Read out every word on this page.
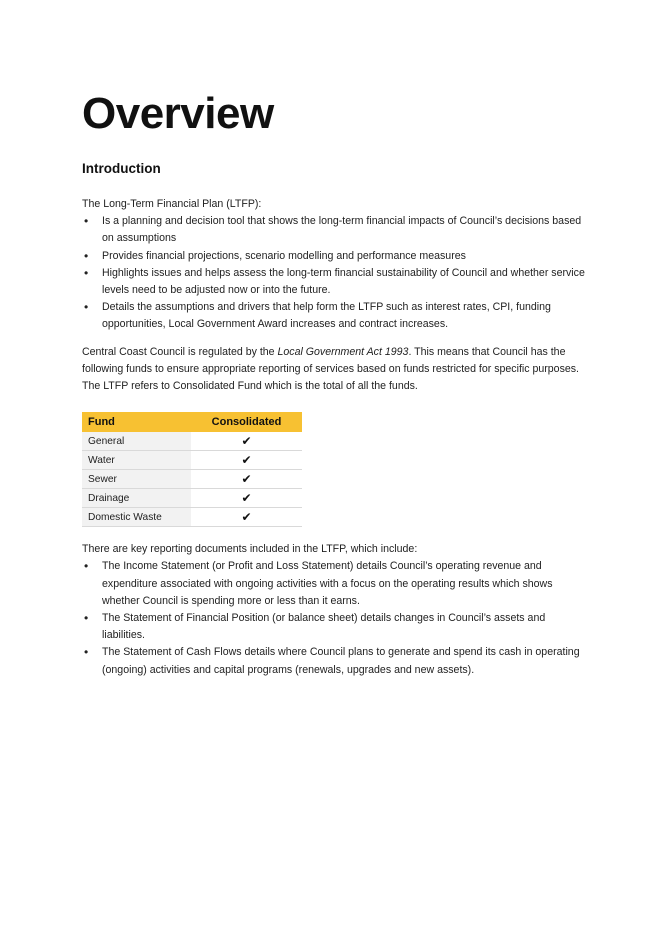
Overview
Introduction

The Long-Term Financial Plan (LTFP):

• Is a planning and decision tool that shows the long-term financial impacts of Council’s decisions based on assumptions
• Provides financial projections, scenario modelling and performance measures
• Highlights issues and helps assess the long-term financial sustainability of Council and whether service levels need to be adjusted now or into the future.
• Details the assumptions and drivers that help form the LTFP such as interest rates, CPI, funding opportunities, Local Government Award increases and contract increases.

Central Coast Council is regulated by the Local Government Act 1993. This means that Council has the following funds to ensure appropriate reporting of services based on funds restricted for specific purposes. The LTFP refers to Consolidated Fund which is the total of all the funds.

Fund	Consolidated
General	✔
Water	✔
Sewer	✔
Drainage	✔
Domestic Waste	✔

There are key reporting documents included in the LTFP, which include:

• The Income Statement (or Profit and Loss Statement) details Council’s operating revenue and expenditure associated with ongoing activities with a focus on the operating results which shows whether Council is spending more or less than it earns.
• The Statement of Financial Position (or balance sheet) details changes in Council’s assets and liabilities.
• The Statement of Cash Flows details where Council plans to generate and spend its cash in operating (ongoing) activities and capital programs (renewals, upgrades and new assets).
